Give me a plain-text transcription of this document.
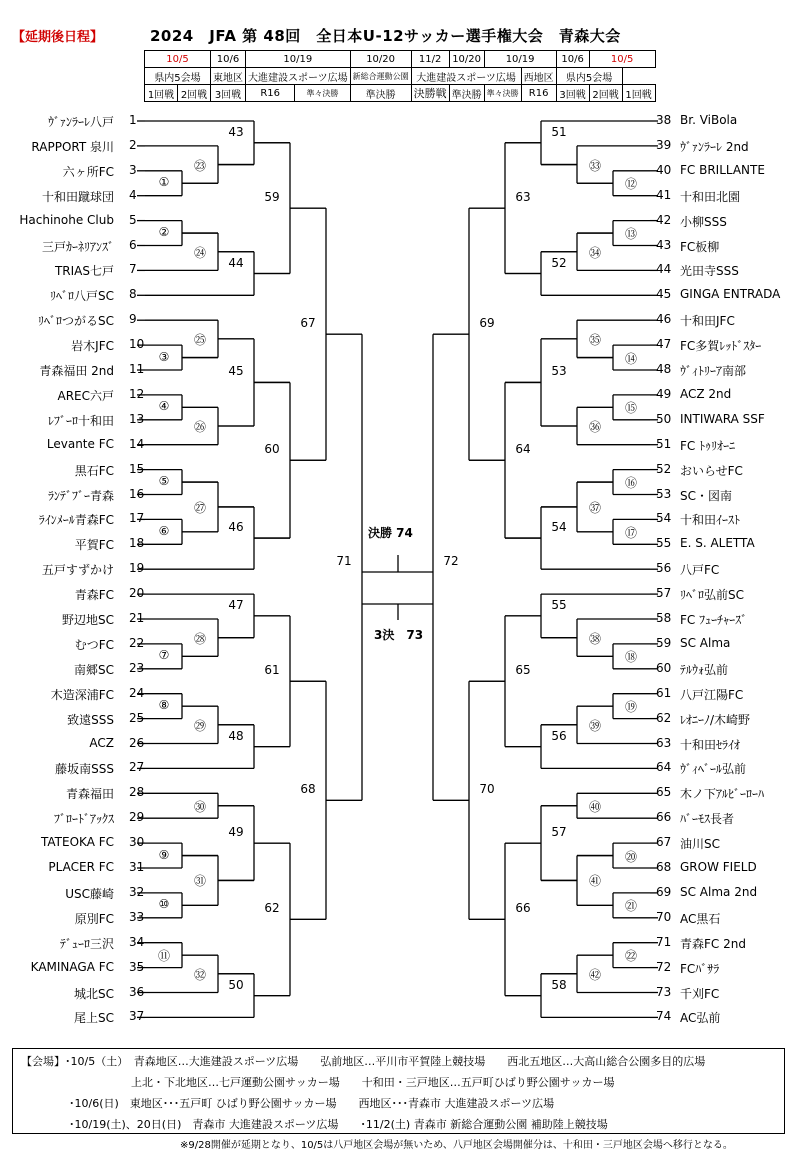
【延期後日程】	2024　JFA 第 48回　全日本U-12サッカー選手権大会　青森大会
10/5		10/6	10/19		10/20	11/2	10/20	10/19		10/6	10/5	
県内5会場		東地区	大進建設スポーツ広場		新総合運動公園	大進建設スポーツ広場			西地区	県内5会場		
1回戦	2回戦	3回戦	R16	準々決勝	準決勝	決勝戦	準決勝	準々決勝	R16	3回戦	2回戦	1回戦
ｳﾞｧﾝﾗｰﾚ八戸 1
RAPPORT 泉川 2
六ヶ所FC 3
十和田蹴球団 4
Hachinohe Club 5
三戸ｶｰﾈﾘｱﾝｽﾞ 6
TRIAS七戸 7
ﾘﾍﾞﾛ八戸SC 8
ﾘﾍﾞﾛつがるSC 9
岩木JFC 10
青森福田 2nd 11
AREC六戸 12
ﾚﾌﾞｰﾛ十和田 13
Levante FC 14
黒石FC 15
ﾗﾝﾃﾞﾌﾞｰ青森 16
ﾗｲﾝﾒｰﾙ青森FC 17
平賀FC 18
五戸すずかけ 19
青森FC 20
野辺地SC 21
むつFC 22
南郷SC 23
木造深浦FC 24
致遠SSS 25
ACZ 26
藤坂南SSS 27
青森福田 28
ﾌﾞﾛｰﾄﾞｱｯｸｽ 29
TATEOKA FC 30
PLACER FC 31
USC藤崎 32
原別FC 33
ﾃﾞｭｰﾛ三沢 34
KAMINAGA FC 35
城北SC 36
尾上SC 37
38 Br. ViBola
39 ｳﾞｧﾝﾗｰﾚ 2nd
40 FC BRILLANTE
41 十和田北園
42 小柳SSS
43 FC板柳
44 光田寺SSS
45 GINGA ENTRADA
46 十和田JFC
47 FC多賀ﾚｯﾄﾞｽﾀｰ
48 ｳﾞｨﾄﾘｰｱ南部
49 ACZ 2nd
50 INTIWARA SSF
51 FC ﾄｩﾘｵｰﾆ
52 おいらせFC
53 SC・図南
54 十和田ｲｰｽﾄ
55 E. S. ALETTA
56 八戸FC
57 ﾘﾍﾞﾛ弘前SC
58 FC ﾌｭｰﾁｬｰｽﾞ
59 SC Alma
60 ﾃﾙｳｫ弘前
61 八戸江陽FC
62 ﾚｵﾆｰﾉ/木崎野
63 十和田ｾﾗｲｵ
64 ｳﾞｨﾍﾞｰﾙ弘前
65 木ノ下ｱﾙﾋﾞｰﾛｰﾊ
66 ﾊﾞｰﾓｽ長者
67 油川SC
68 GROW FIELD
69 SC Alma 2nd
70 AC黒石
71 青森FC 2nd
72 FCﾊﾞｻﾗ
73 千刈FC
74 AC弘前
①
②
③
④
⑤
⑥
⑦
⑧
⑨
⑩
⑪
㉓
㉔
㉕
㉖
㉗
㉘
㉙
㉚
㉛
㉜
43
44
45
46
47
48
49
50
59
60
61
62
67
68
71
⑫
⑬
⑭
⑮
⑯
⑰
⑱
⑲
⑳
㉑
㉒
㉝
㉞
㉟
㊱
㊲
㊳
㊴
㊵
㊶
㊷
51
52
53
54
55
56
57
58
63
64
65
66
69
70
72
決勝 74
3決　73
【会場】･10/5（土）　青森地区…大進建設スポーツ広場　　弘前地区…平川市平賀陸上競技場　　西北五地区…大高山総合公園多目的広場
上北・下北地区…七戸運動公園サッカー場　　十和田・三戸地区…五戸町ひばり野公園サッカー場
･10/6(日)　東地区･･･五戸町 ひばり野公園サッカー場　　西地区･･･青森市 大進建設スポーツ広場
･10/19(土)、20日(日)　青森市 大進建設スポーツ広場　　･11/2(土) 青森市 新総合運動公園 補助陸上競技場
※9/28開催が延期となり、10/5は八戸地区会場が無いため、八戸地区会場開催分は、十和田・三戸地区会場へ移行となる。
